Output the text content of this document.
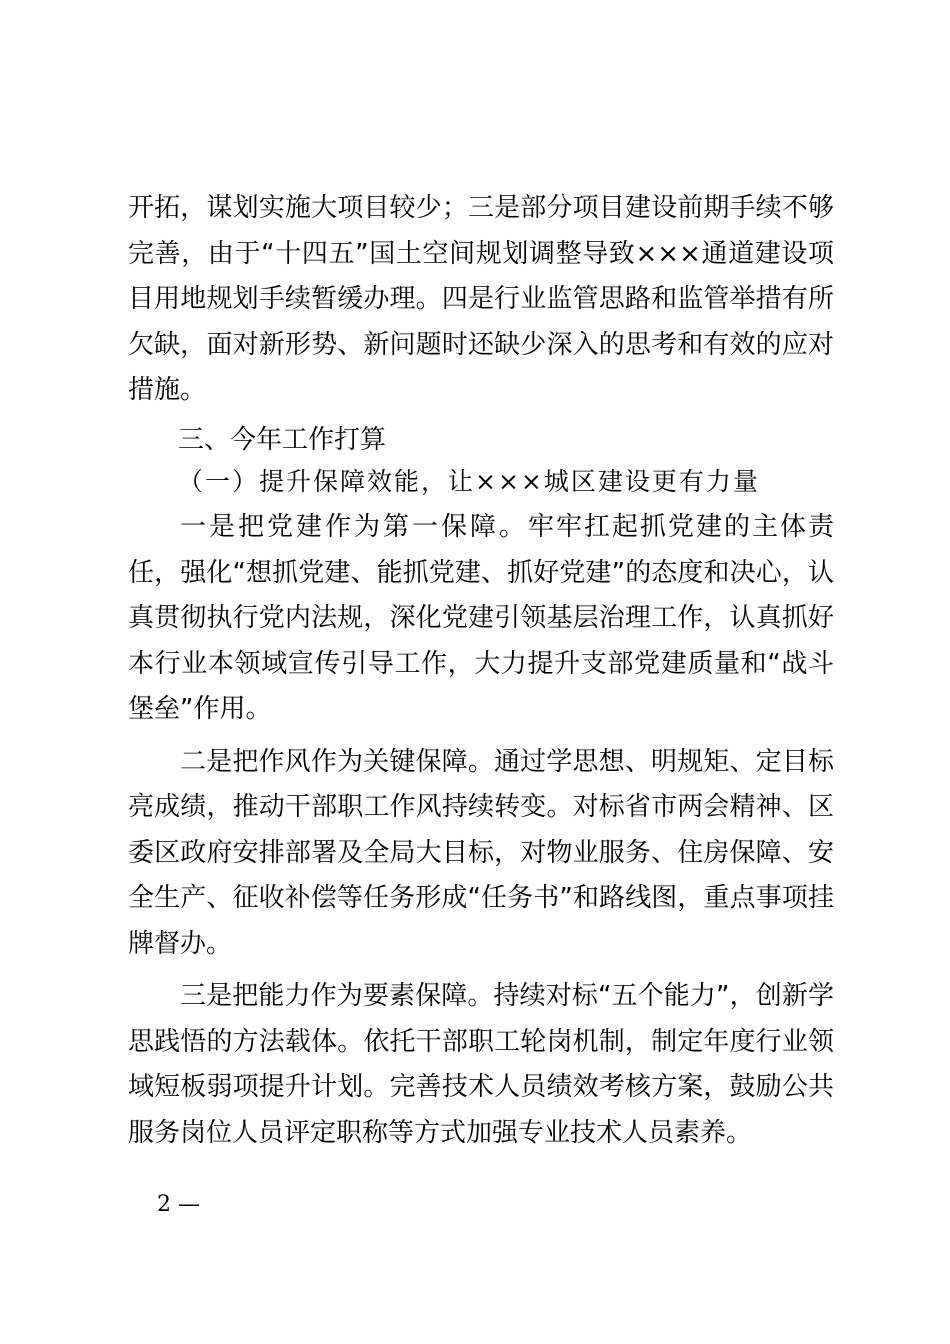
开拓，谋划实施大项目较少；三是部分项目建设前期手续不够完善，由于“十四五”国土空间规划调整导致×××通道建设项目用地规划手续暂缓办理。四是行业监管思路和监管举措有所欠缺，面对新形势、新问题时还缺少深入的思考和有效的应对措施。
三、今年工作打算
（一）提升保障效能，让×××城区建设更有力量

一是把党建作为第一保障。牢牢扛起抓党建的主体责任，强化“想抓党建、能抓党建、抓好党建”的态度和决心，认真贯彻执行党内法规，深化党建引领基层治理工作，认真抓好本行业本领域宣传引导工作，大力提升支部党建质量和“战斗堡垒”作用。

二是把作风作为关键保障。通过学思想、明规矩、定目标亮成绩，推动干部职工作风持续转变。对标省市两会精神、区委区政府安排部署及全局大目标，对物业服务、住房保障、安全生产、征收补偿等任务形成“任务书”和路线图，重点事项挂牌督办。

三是把能力作为要素保障。持续对标“五个能力”，创新学思践悟的方法载体。依托干部职工轮岗机制，制定年度行业领域短板弱项提升计划。完善技术人员绩效考核方案，鼓励公共服务岗位人员评定职称等方式加强专业技术人员素养。

2 —
